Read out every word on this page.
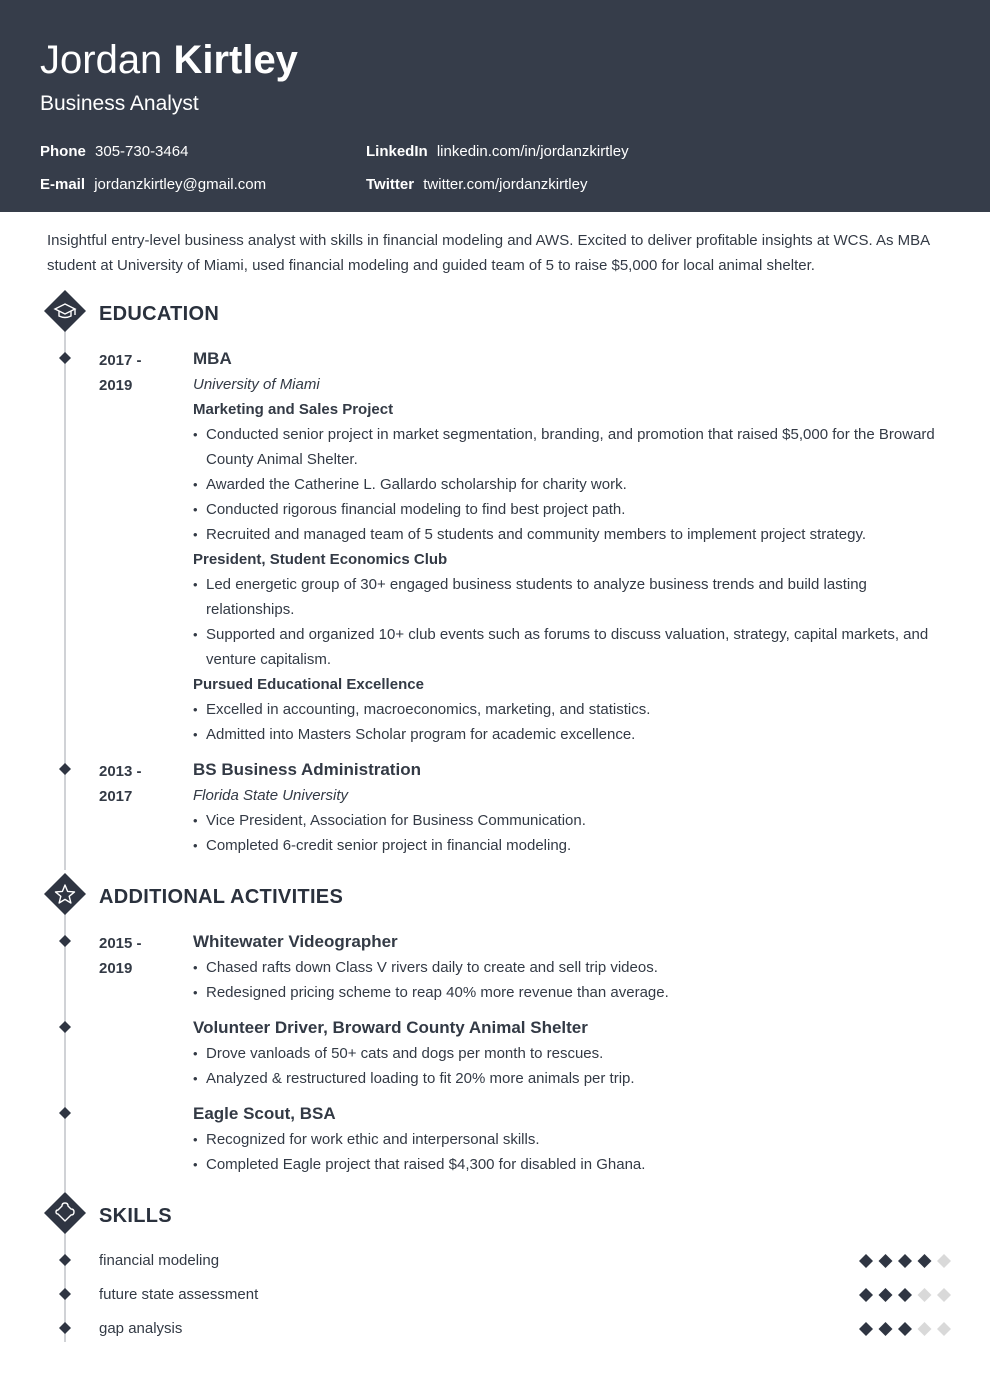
Jordan Kirtley
Business Analyst
Phone 305-730-3464
E-mail jordanzkirtley@gmail.com
LinkedIn linkedin.com/in/jordanzkirtley
Twitter twitter.com/jordanzkirtley
Insightful entry-level business analyst with skills in financial modeling and AWS. Excited to deliver profitable insights at WCS. As MBA student at University of Miami, used financial modeling and guided team of 5 to raise $5,000 for local animal shelter.
EDUCATION
2017 -
2019
MBA
University of Miami
Marketing and Sales Project
• Conducted senior project in market segmentation, branding, and promotion that raised $5,000 for the Broward County Animal Shelter.
• Awarded the Catherine L. Gallardo scholarship for charity work.
• Conducted rigorous financial modeling to find best project path.
• Recruited and managed team of 5 students and community members to implement project strategy.
President, Student Economics Club
• Led energetic group of 30+ engaged business students to analyze business trends and build lasting relationships.
• Supported and organized 10+ club events such as forums to discuss valuation, strategy, capital markets, and venture capitalism.
Pursued Educational Excellence
• Excelled in accounting, macroeconomics, marketing, and statistics.
• Admitted into Masters Scholar program for academic excellence.
2013 -
2017
BS Business Administration
Florida State University
• Vice President, Association for Business Communication.
• Completed 6-credit senior project in financial modeling.
ADDITIONAL ACTIVITIES
2015 -
2019
Whitewater Videographer
• Chased rafts down Class V rivers daily to create and sell trip videos.
• Redesigned pricing scheme to reap 40% more revenue than average.
Volunteer Driver, Broward County Animal Shelter
• Drove vanloads of 50+ cats and dogs per month to rescues.
• Analyzed & restructured loading to fit 20% more animals per trip.
Eagle Scout, BSA
• Recognized for work ethic and interpersonal skills.
• Completed Eagle project that raised $4,300 for disabled in Ghana.
SKILLS
financial modeling
future state assessment
gap analysis
